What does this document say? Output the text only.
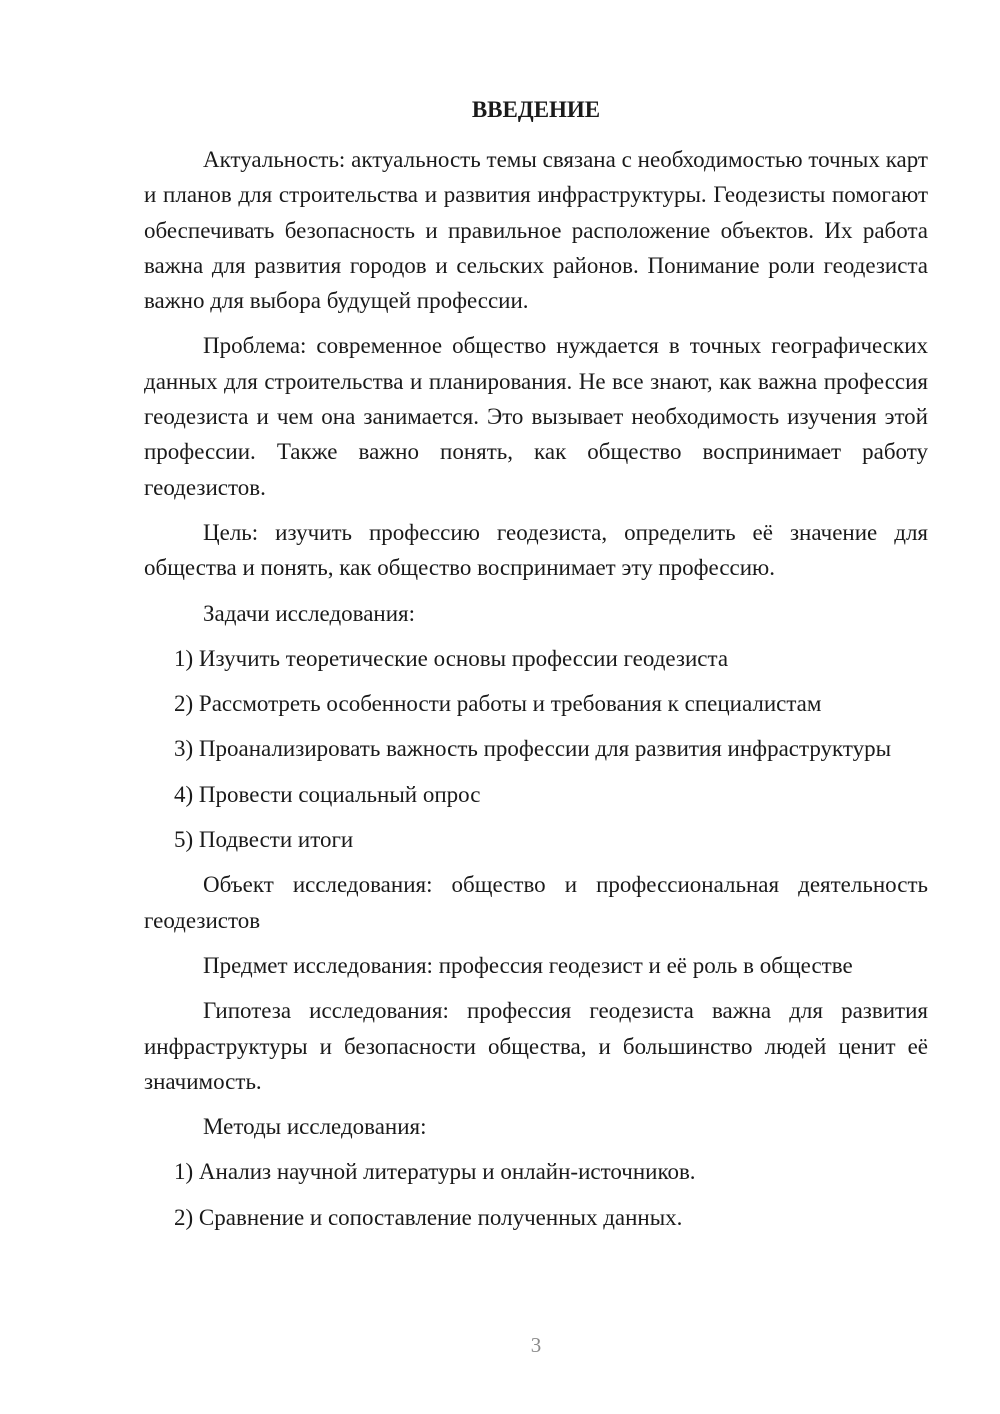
ВВЕДЕНИЕ

Актуальность: актуальность темы связана с необходимостью точных карт и планов для строительства и развития инфраструктуры. Геодезисты помогают обеспечивать безопасность и правильное расположение объектов. Их работа важна для развития городов и сельских районов. Понимание роли геодезиста важно для выбора будущей профессии.

Проблема: современное общество нуждается в точных географических данных для строительства и планирования. Не все знают, как важна профессия геодезиста и чем она занимается. Это вызывает необходимость изучения этой профессии. Также важно понять, как общество воспринимает работу геодезистов.

Цель: изучить профессию геодезиста, определить её значение для общества и понять, как общество воспринимает эту профессию.

Задачи исследования:

1) Изучить теоретические основы профессии геодезиста

2) Рассмотреть особенности работы и требования к специалистам

3) Проанализировать важность профессии для развития инфраструктуры

4) Провести социальный опрос

5) Подвести итоги

Объект исследования: общество и профессиональная деятельность геодезистов

Предмет исследования: профессия геодезист и её роль в обществе

Гипотеза исследования: профессия геодезиста важна для развития инфраструктуры и безопасности общества, и большинство людей ценит её значимость.

Методы исследования:

1) Анализ научной литературы и онлайн-источников.

2) Сравнение и сопоставление полученных данных.

3
